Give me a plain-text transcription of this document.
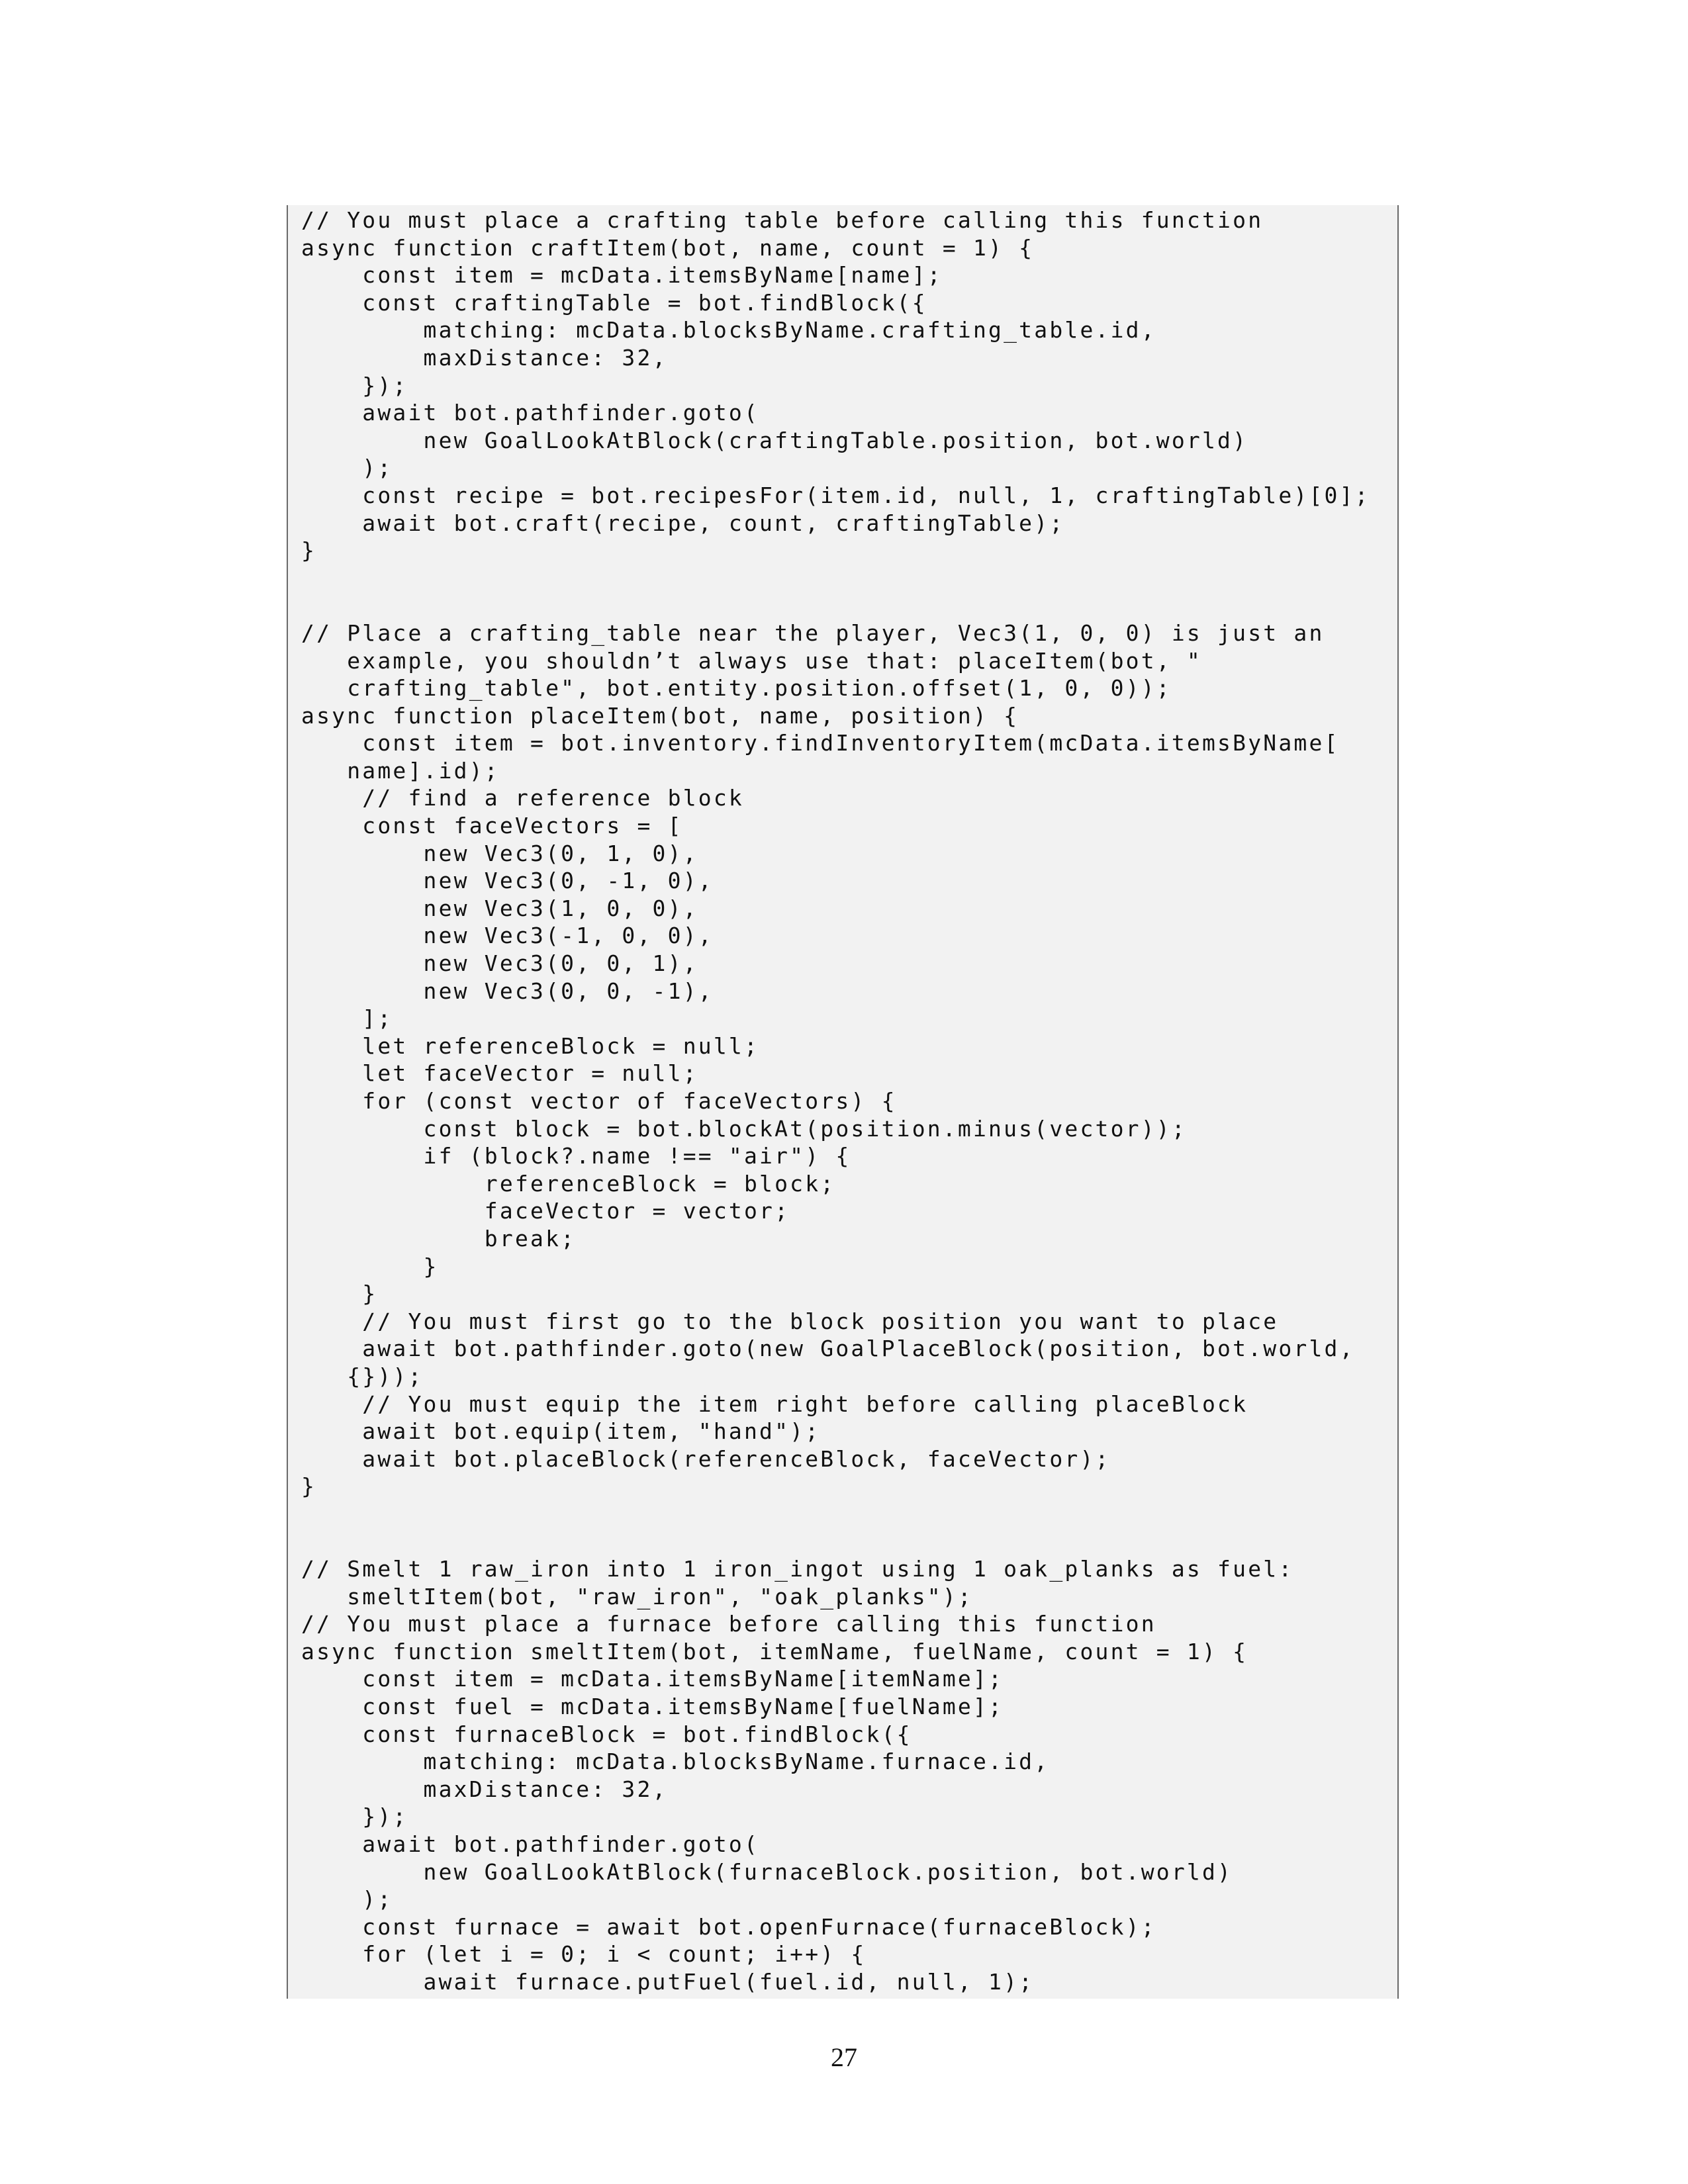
// You must place a crafting table before calling this function
async function craftItem(bot, name, count = 1) {
const item = mcData.itemsByName[name];
const craftingTable = bot.findBlock({
matching: mcData.blocksByName.crafting_table.id,
maxDistance: 32,
});
await bot.pathfinder.goto(
new GoalLookAtBlock(craftingTable.position, bot.world)
);
const recipe = bot.recipesFor(item.id, null, 1, craftingTable)[0];
await bot.craft(recipe, count, craftingTable);
}
// Place a crafting_table near the player, Vec3(1, 0, 0) is just an
example, you shouldn’t always use that: placeItem(bot, "
crafting_table", bot.entity.position.offset(1, 0, 0));
async function placeItem(bot, name, position) {
const item = bot.inventory.findInventoryItem(mcData.itemsByName[
name].id);
// find a reference block
const faceVectors = [
new Vec3(0, 1, 0),
new Vec3(0, -1, 0),
new Vec3(1, 0, 0),
new Vec3(-1, 0, 0),
new Vec3(0, 0, 1),
new Vec3(0, 0, -1),
];
let referenceBlock = null;
let faceVector = null;
for (const vector of faceVectors) {
const block = bot.blockAt(position.minus(vector));
if (block?.name !== "air") {
referenceBlock = block;
faceVector = vector;
break;
}
}
// You must first go to the block position you want to place
await bot.pathfinder.goto(new GoalPlaceBlock(position, bot.world,
{}));
// You must equip the item right before calling placeBlock
await bot.equip(item, "hand");
await bot.placeBlock(referenceBlock, faceVector);
}
// Smelt 1 raw_iron into 1 iron_ingot using 1 oak_planks as fuel:
smeltItem(bot, "raw_iron", "oak_planks");
// You must place a furnace before calling this function
async function smeltItem(bot, itemName, fuelName, count = 1) {
const item = mcData.itemsByName[itemName];
const fuel = mcData.itemsByName[fuelName];
const furnaceBlock = bot.findBlock({
matching: mcData.blocksByName.furnace.id,
maxDistance: 32,
});
await bot.pathfinder.goto(
new GoalLookAtBlock(furnaceBlock.position, bot.world)
);
const furnace = await bot.openFurnace(furnaceBlock);
for (let i = 0; i < count; i++) {
await furnace.putFuel(fuel.id, null, 1);
27
